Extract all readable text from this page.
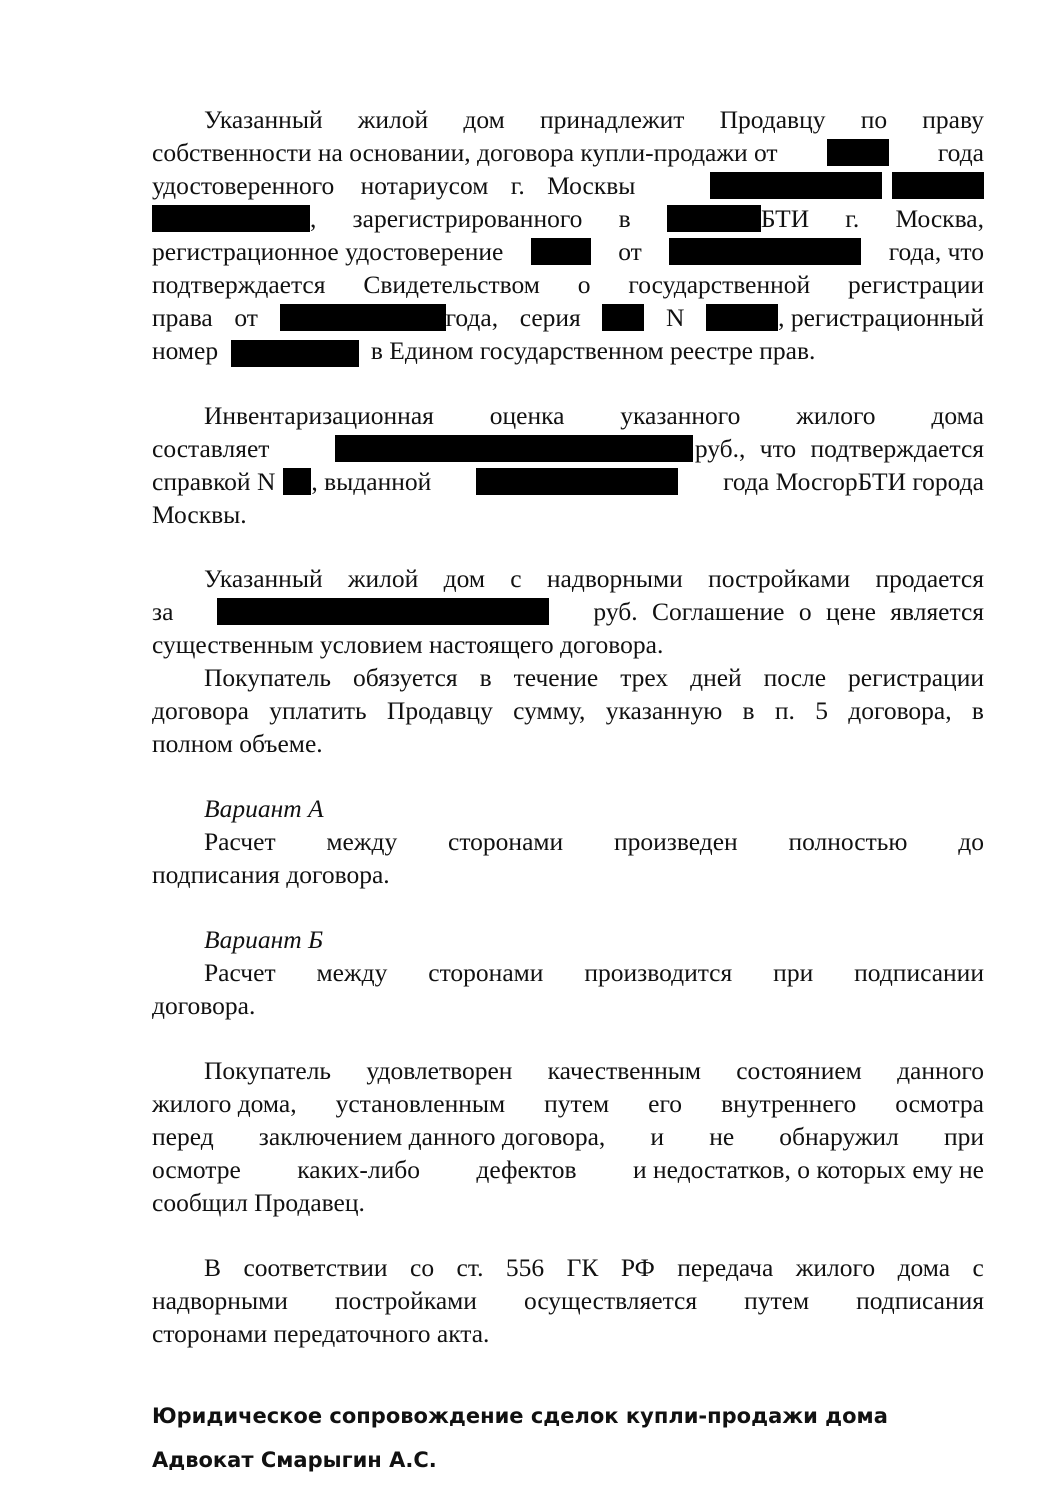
Указанный жилой дом принадлежит Продавцу по праву
собственности на основании, договора купли-продажи от	года
удостоверенного нотариусом г. Москвы
, зарегистрированного в	БТИ г. Москва,
регистрационное удостоверение	от	года, что
подтверждается Свидетельством о государственной регистрации
права от	года, серия	N	, регистрационный
номер	в Едином государственном реестре прав.
Инвентаризационная оценка указанного жилого дома
составляет	руб., что подтверждается
справкой N , выданной	года МосгорБТИ города
Москвы.
Указанный жилой дом с надворными постройками продается
за	руб. Соглашение о цене является
существенным условием настоящего договора.
Покупатель обязуется в течение трех дней после регистрации
договора уплатить Продавцу сумму, указанную в п. 5 договора, в
полном объеме.
Вариант А
Расчет между сторонами произведен полностью до
подписания договора.
Вариант Б
Расчет между сторонами производится при подписании
договора.
Покупатель удовлетворен качественным состоянием данного
жилого дома, установленным путем его внутреннего осмотра
перед заключением данного договора, и не обнаружил при
осмотре каких-либо дефектов и недостатков, о которых ему не
сообщил Продавец.
В соответствии со ст. 556 ГК РФ передача жилого дома с
надворными постройками осуществляется путем подписания
сторонами передаточного акта.
Юридическое сопровождение сделок купли-продажи дома
Адвокат Смарыгин А.С.
